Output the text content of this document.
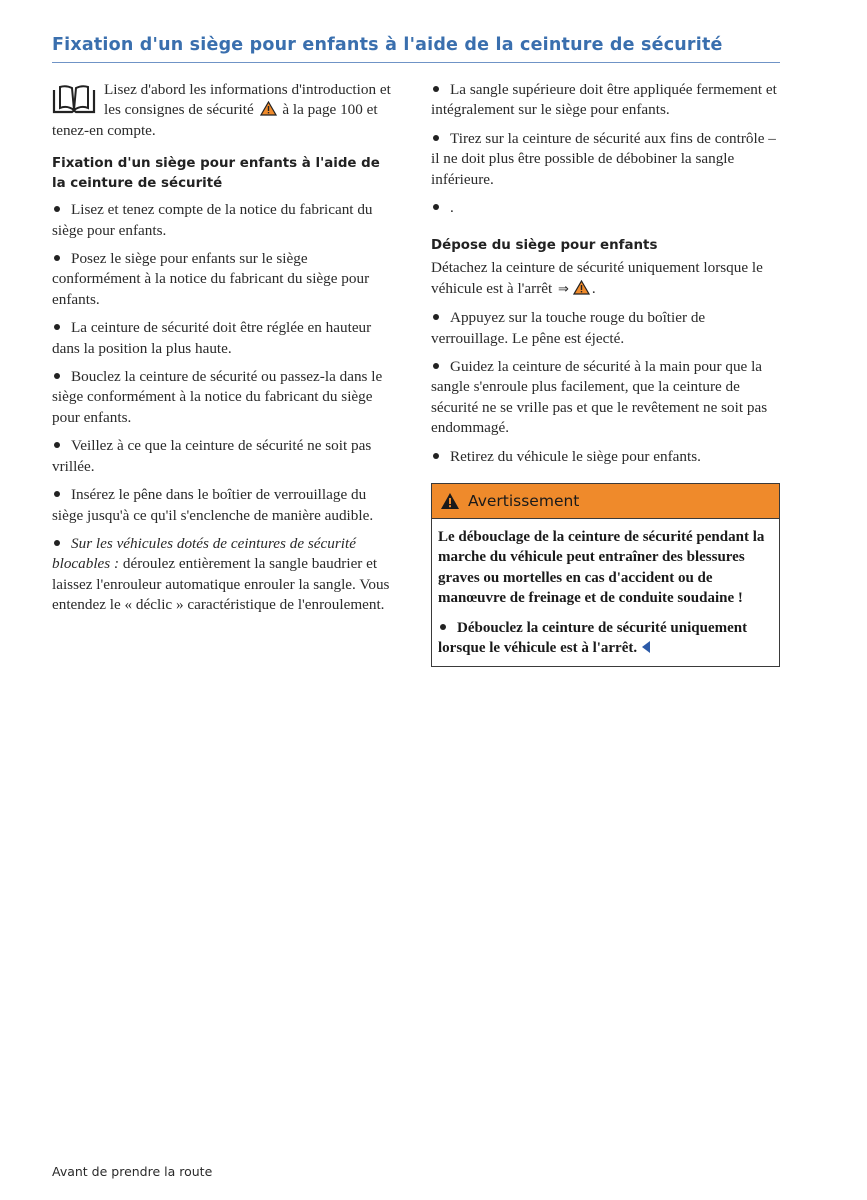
Fixation d'un siège pour enfants à l'aide de la ceinture de sécurité

Lisez d'abord les informations d'introduction et les consignes de sécurité à la page 100 et tenez-en compte.

Fixation d'un siège pour enfants à l'aide de la ceinture de sécurité

Lisez et tenez compte de la notice du fabricant du siège pour enfants.

Posez le siège pour enfants sur le siège conformément à la notice du fabricant du siège pour enfants.

La ceinture de sécurité doit être réglée en hauteur dans la position la plus haute.

Bouclez la ceinture de sécurité ou passez-la dans le siège conformément à la notice du fabricant du siège pour enfants.

Veillez à ce que la ceinture de sécurité ne soit pas vrillée.

Insérez le pêne dans le boîtier de verrouillage du siège jusqu'à ce qu'il s'enclenche de manière audible.

Sur les véhicules dotés de ceintures de sécurité blocables : déroulez entièrement la sangle baudrier et laissez l'enrouleur automatique enrouler la sangle. Vous entendez le « déclic » caractéristique de l'enroulement.

La sangle supérieure doit être appliquée fermement et intégralement sur le siège pour enfants.

Tirez sur la ceinture de sécurité aux fins de contrôle – il ne doit plus être possible de débobiner la sangle inférieure.

.

Dépose du siège pour enfants

Détachez la ceinture de sécurité uniquement lorsque le véhicule est à l'arrêt ⇒ .

Appuyez sur la touche rouge du boîtier de verrouillage. Le pêne est éjecté.

Guidez la ceinture de sécurité à la main pour que la sangle s'enroule plus facilement, que la ceinture de sécurité ne se vrille pas et que le revêtement ne soit pas endommagé.

Retirez du véhicule le siège pour enfants.

Avertissement

Le débouclage de la ceinture de sécurité pendant la marche du véhicule peut entraîner des blessures graves ou mortelles en cas d'accident ou de manœuvre de freinage et de conduite soudaine !

Débouclez la ceinture de sécurité uniquement lorsque le véhicule est à l'arrêt.

Avant de prendre la route
